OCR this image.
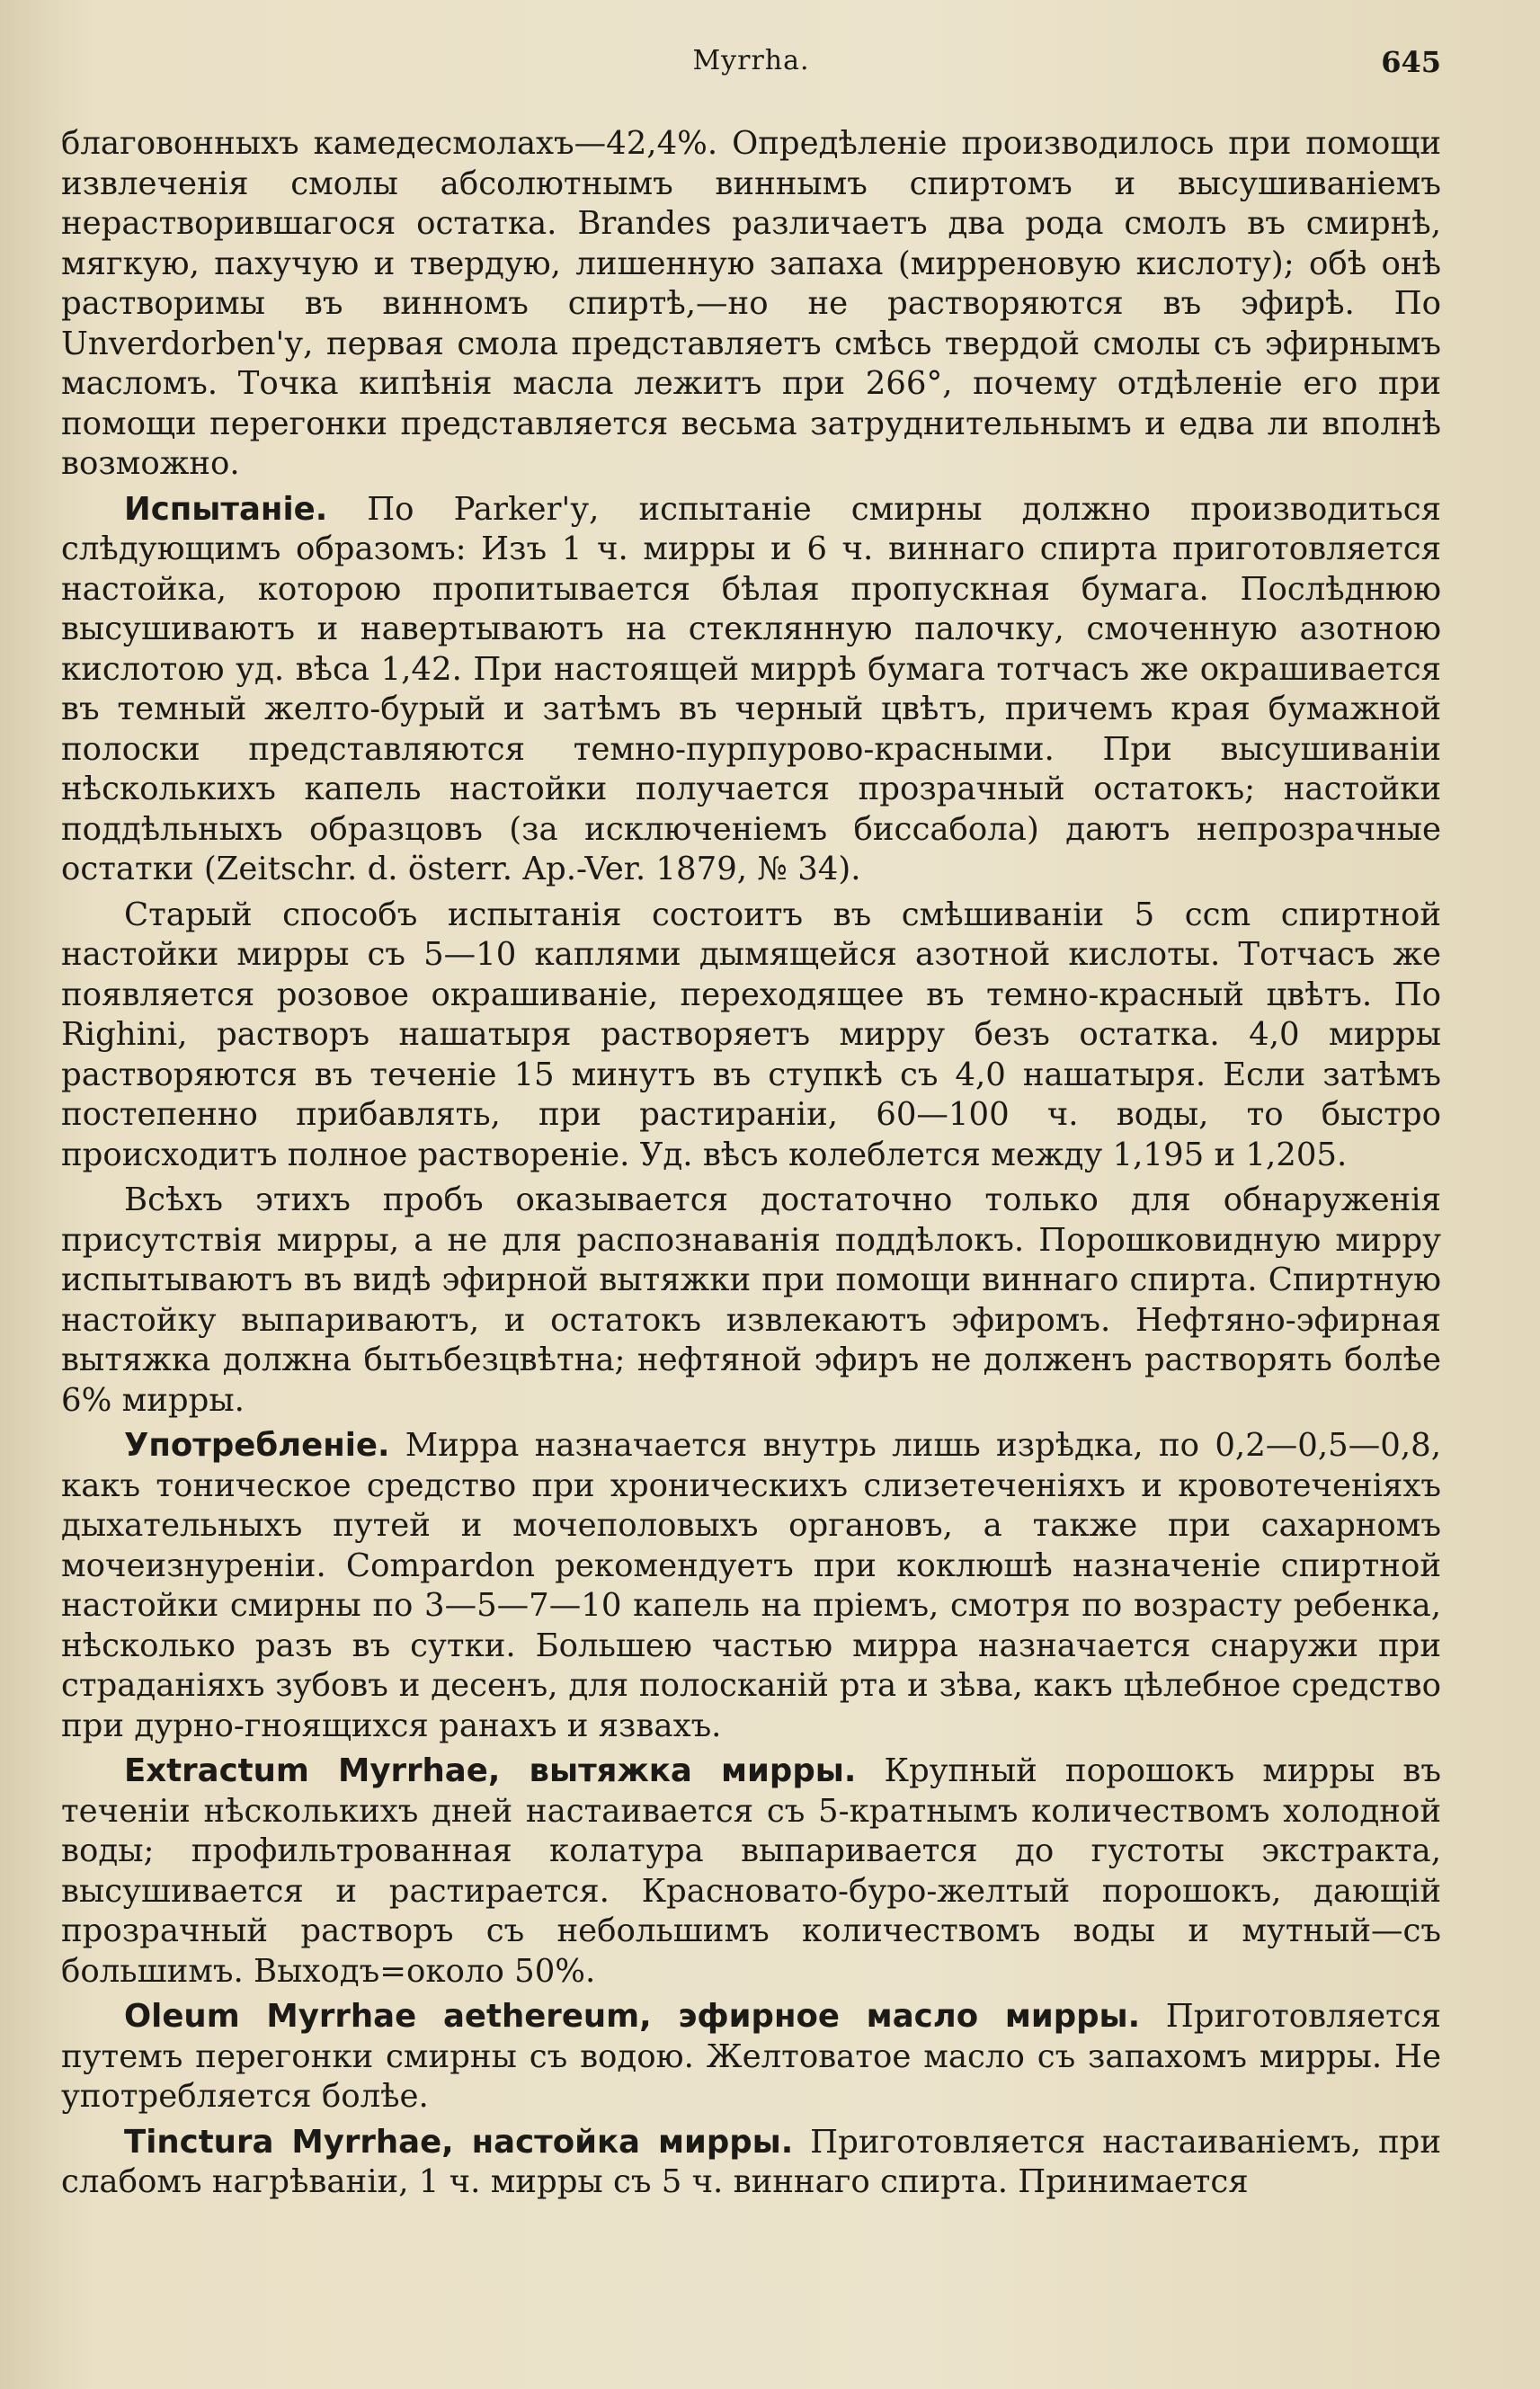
Myrrha.	645

благовонныхъ камедесмолахъ—42,4%. Опредѣленіе производилось при помощи извлеченія смолы абсолютнымъ виннымъ спиртомъ и высушиваніемъ нерастворившагося остатка. Brandes различаетъ два рода смолъ въ смирнѣ, мягкую, пахучую и твердую, лишенную запаха (мирреновую кислоту); обѣ онѣ растворимы въ винномъ спиртѣ,—но не растворяются въ эфирѣ. По Unverdorben'у, первая смола представляетъ смѣсь твердой смолы съ эфирнымъ масломъ. Точка кипѣнія масла лежитъ при 266°, почему отдѣленіе его при помощи перегонки представляется весьма затруднительнымъ и едва ли вполнѣ возможно.

Испытаніе. По Parker'у, испытаніе смирны должно производиться слѣдующимъ образомъ: Изъ 1 ч. мирры и 6 ч. виннаго спирта приготовляется настойка, которою пропитывается бѣлая пропускная бумага. Послѣднюю высушиваютъ и навертываютъ на стеклянную палочку, смоченную азотною кислотою уд. вѣса 1,42. При настоящей миррѣ бумага тотчасъ же окрашивается въ темный желто-бурый и затѣмъ въ черный цвѣтъ, причемъ края бумажной полоски представляются темно-пурпурово-красными. При высушиваніи нѣсколькихъ капель настойки получается прозрачный остатокъ; настойки поддѣльныхъ образцовъ (за исключеніемъ биссабола) даютъ непрозрачные остатки (Zeitschr. d. österr. Ap.-Ver. 1879, № 34).

Старый способъ испытанія состоитъ въ смѣшиваніи 5 ccm спиртной настойки мирры съ 5—10 каплями дымящейся азотной кислоты. Тотчасъ же появляется розовое окрашиваніе, переходящее въ темно-красный цвѣтъ. По Righini, растворъ нашатыря растворяетъ мирру безъ остатка. 4,0 мирры растворяются въ теченіе 15 минутъ въ ступкѣ съ 4,0 нашатыря. Если затѣмъ постепенно прибавлять, при растираніи, 60—100 ч. воды, то быстро происходитъ полное раствореніе. Уд. вѣсъ колеблется между 1,195 и 1,205.

Всѣхъ этихъ пробъ оказывается достаточно только для обнаруженія присутствія мирры, а не для распознаванія поддѣлокъ. Порошковидную мирру испытываютъ въ видѣ эфирной вытяжки при помощи виннаго спирта. Спиртную настойку выпариваютъ, и остатокъ извлекаютъ эфиромъ. Нефтяно-эфирная вытяжка должна бытьбезцвѣтна; нефтяной эфиръ не долженъ растворять болѣе 6% мирры.

Употребленіе. Мирра назначается внутрь лишь изрѣдка, по 0,2—0,5—0,8, какъ тоническое средство при хроническихъ слизетеченіяхъ и кровотеченіяхъ дыхательныхъ путей и мочеполовыхъ органовъ, а также при сахарномъ мочеизнуреніи. Compardon рекомендуетъ при коклюшѣ назначеніе спиртной настойки смирны по 3—5—7—10 капель на пріемъ, смотря по возрасту ребенка, нѣсколько разъ въ сутки. Большею частью мирра назначается снаружи при страданіяхъ зубовъ и десенъ, для полосканій рта и зѣва, какъ цѣлебное средство при дурно-гноящихся ранахъ и язвахъ.

Extractum Myrrhae, вытяжка мирры. Крупный порошокъ мирры въ теченіи нѣсколькихъ дней настаивается съ 5-кратнымъ количествомъ холодной воды; профильтрованная колатура выпаривается до густоты экстракта, высушивается и растирается. Красновато-буро-желтый порошокъ, дающій прозрачный растворъ съ небольшимъ количествомъ воды и мутный—съ большимъ. Выходъ=около 50%.

Oleum Myrrhae aethereum, эфирное масло мирры. Приготовляется путемъ перегонки смирны съ водою. Желтоватое масло съ запахомъ мирры. Не употребляется болѣе.

Tinctura Myrrhae, настойка мирры. Приготовляется настаиваніемъ, при слабомъ нагрѣваніи, 1 ч. мирры съ 5 ч. виннаго спирта. Принимается
